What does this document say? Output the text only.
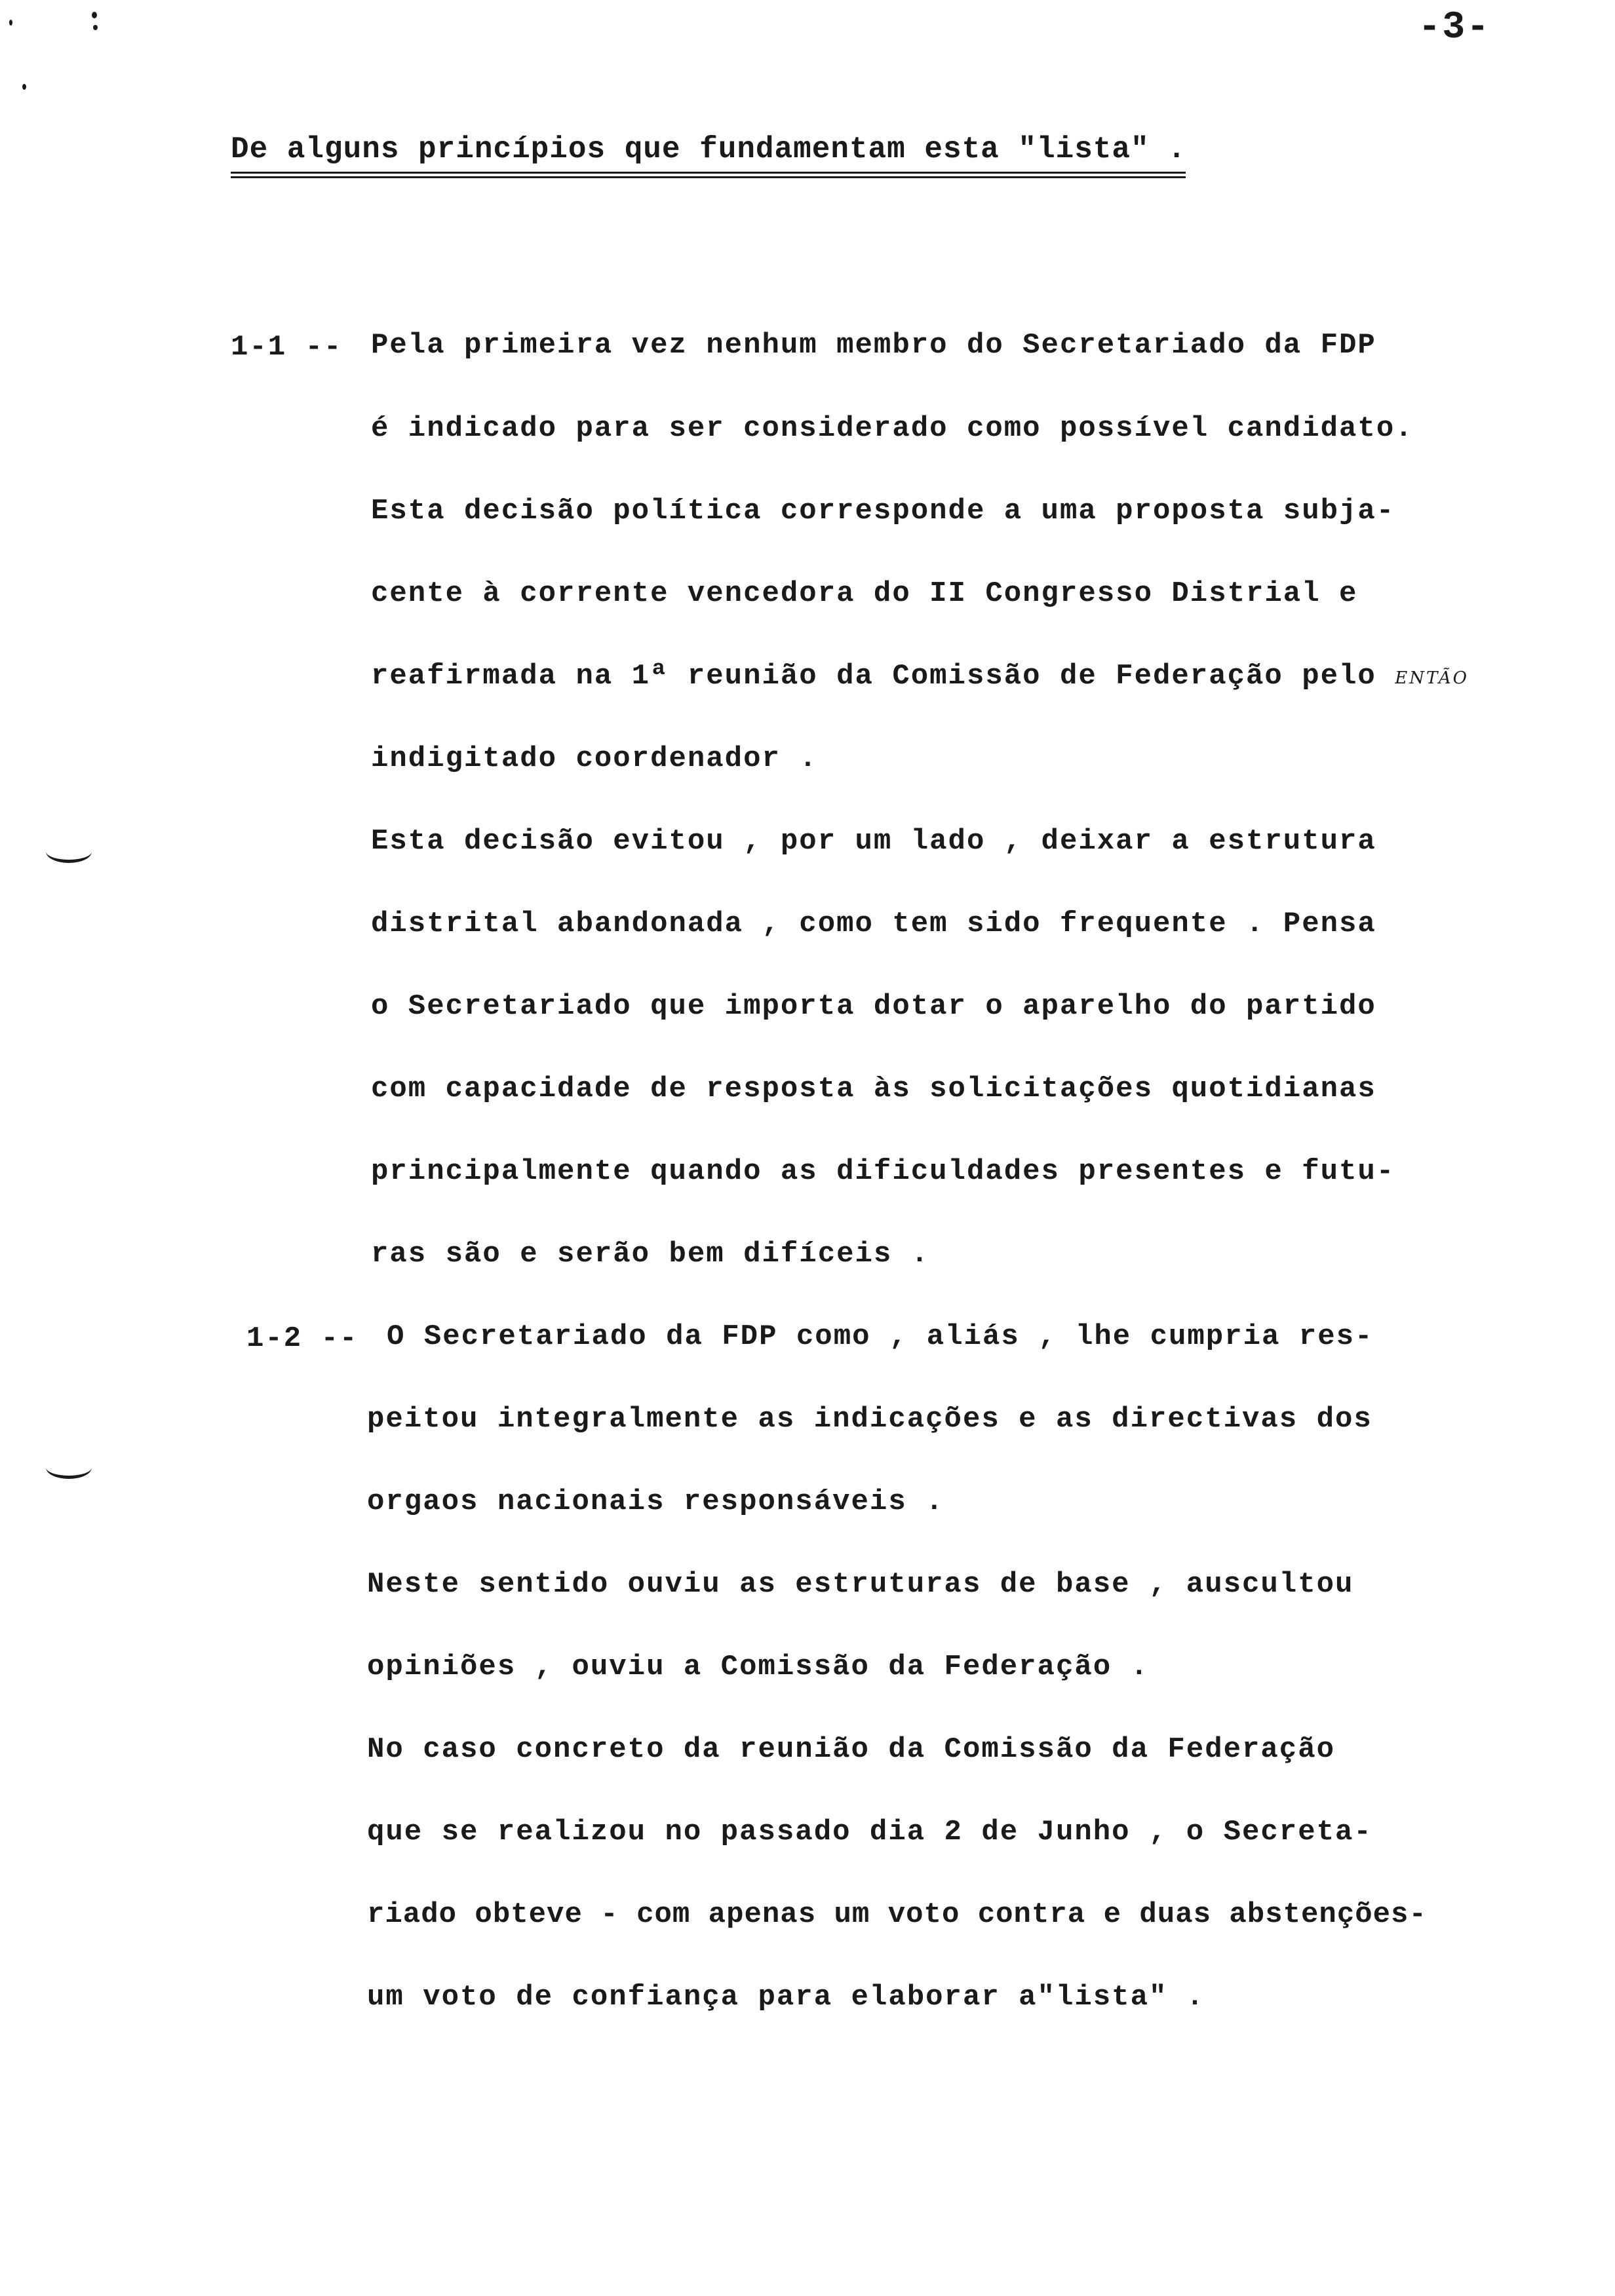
-3-
De alguns princípios que fundamentam esta "lista" .
1-1 -- Pela primeira vez nenhum membro do Secretariado da FDP
é indicado para ser considerado como possível candidato.
Esta decisão política corresponde a uma proposta subja-
cente à corrente vencedora do II Congresso Distrial e
reafirmada na 1ª reunião da Comissão de Federação pelo ENTÃO
indigitado coordenador .
Esta decisão evitou , por um lado , deixar a estrutura
distrital abandonada , como tem sido frequente . Pensa
o Secretariado que importa dotar o aparelho do partido
com capacidade de resposta às solicitações quotidianas
principalmente quando as dificuldades presentes e futu-
ras são e serão bem difíceis .
1-2 -- O Secretariado da FDP como , aliás , lhe cumpria res-
peitou integralmente as indicações e as directivas dos
orgaos nacionais responsáveis .
Neste sentido ouviu as estruturas de base , auscultou
opiniões , ouviu a Comissão da Federação .
No caso concreto da reunião da Comissão da Federação
que se realizou no passado dia 2 de Junho , o Secreta-
riado obteve - com apenas um voto contra e duas abstenções-
um voto de confiança para elaborar a"lista" .
